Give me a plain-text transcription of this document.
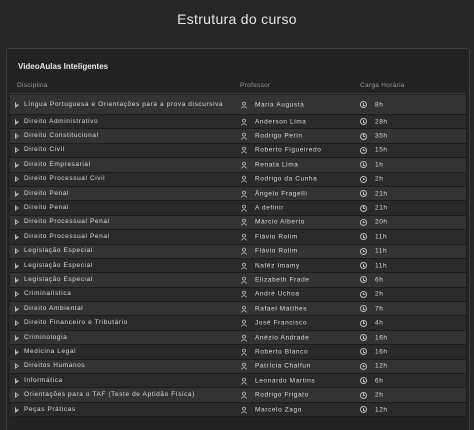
Estrutura do curso
VideoAulas Inteligentes
Disciplina	Professor	Carga Horária
Língua Portuguesa e Orientações para a prova discursiva	Maria Augusta	8h
Direito Administrativo	Anderson Lima	28h
Direito Constitucional	Rodrigo Perin	35h
Direito Civil	Roberto Figueiredo	15h
Direito Empresarial	Renata Lima	1h
Direito Processual Civil	Rodrigo da Cunha	2h
Direito Penal	Ângelo Fragelli	21h
Direito Penal	A definir	21h
Direito Processual Penal	Márcio Alberto	20h
Direito Processual Penal	Flávio Rolim	11h
Legislação Especial	Flávio Rolim	11h
Legislação Especial	Nafêz Imamy	11h
Legislação Especial	Elizabeth Frade	6h
Criminalística	André Uchoa	2h
Direito Ambiental	Rafael Matthes	7h
Direito Financeiro e Tributário	José Francisco	4h
Criminologia	Anézio Andrade	16h
Medicina Legal	Roberto Blanco	16h
Direitos Humanos	Patrícia Chalfun	12h
Informática	Leonardo Martins	6h
Orientações para o TAF (Teste de Aptidão Física)	Rodrigo Frigato	2h
Peças Práticas	Marcelo Zago	12h
